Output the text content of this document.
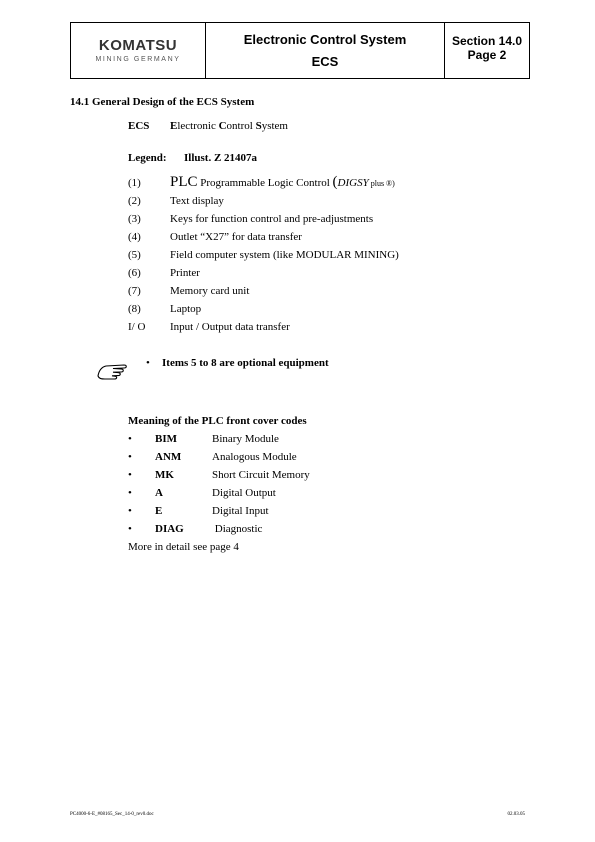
KOMATSU
MINING GERMANY
Electronic Control System
ECS
Section 14.0
Page 2
14.1 General Design of the ECS System
ECS Electronic Control System
Legend: Illust. Z 21407a
(1) PLC Programmable Logic Control (DIGSY plus ®)
(2)	Text display
(3)	Keys for function control and pre-adjustments
(4)	Outlet “X27” for data transfer
(5)	Field computer system (like MODULAR MINING)
(6)	Printer
(7)	Memory card unit
(8)	Laptop
I/ O Input / Output data transfer
• Items 5 to 8 are optional equipment
Meaning of the PLC front cover codes
• BIM	Binary Module
• ANM	Analogous Module
• MK	Short Circuit Memory
• A	Digital Output
• E	Digital Input
• DIAG	Diagnostic
More in detail see page 4
PC4000-6-E_#08165_Sec_14-0_rev0.doc	02.03.05
